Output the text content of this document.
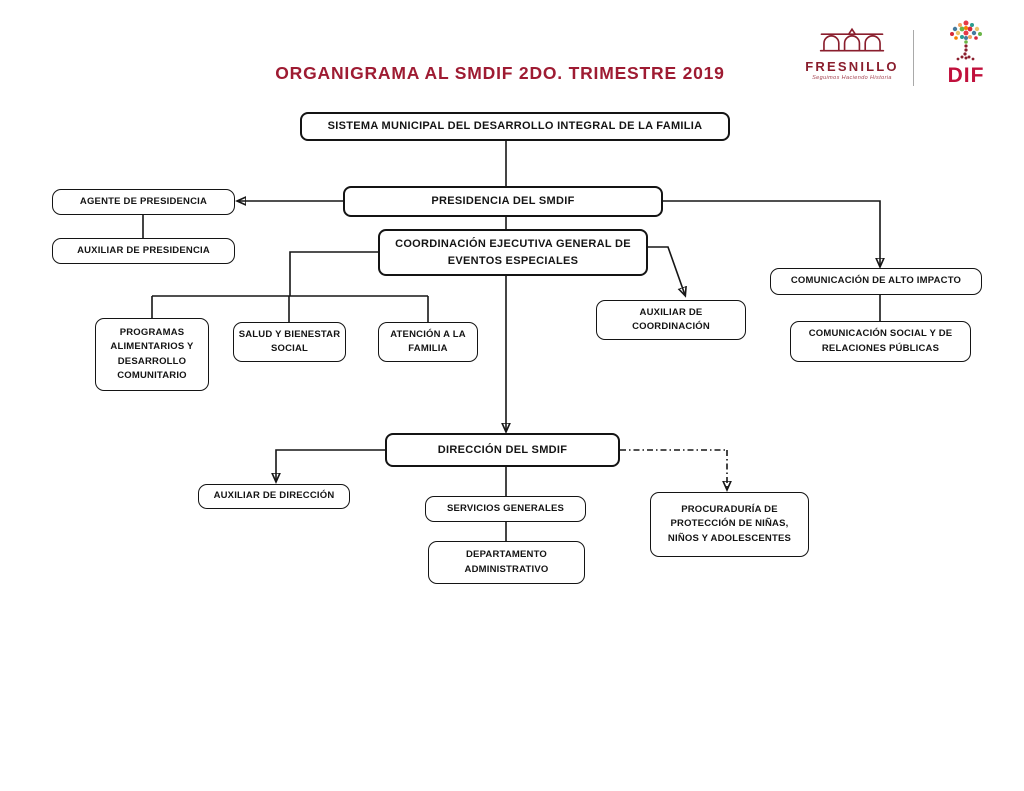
ORGANIGRAMA AL SMDIF 2DO. TRIMESTRE 2019	FRESNILLO
Seguimos Haciendo Historia	DIF
SISTEMA MUNICIPAL DEL DESARROLLO INTEGRAL DE LA FAMILIA
PRESIDENCIA DEL SMDIF
AGENTE DE PRESIDENCIA
AUXILIAR DE PRESIDENCIA
COORDINACIÓN EJECUTIVA GENERAL DE EVENTOS ESPECIALES
COMUNICACIÓN DE ALTO IMPACTO
COMUNICACIÓN SOCIAL Y DE RELACIONES PÚBLICAS
AUXILIAR DE COORDINACIÓN
PROGRAMAS ALIMENTARIOS Y DESARROLLO COMUNITARIO
SALUD Y BIENESTAR SOCIAL
ATENCIÓN A LA FAMILIA
DIRECCIÓN DEL SMDIF
AUXILIAR DE DIRECCIÓN
SERVICIOS GENERALES
DEPARTAMENTO ADMINISTRATIVO
PROCURADURÍA DE PROTECCIÓN DE NIÑAS, NIÑOS Y ADOLESCENTES
